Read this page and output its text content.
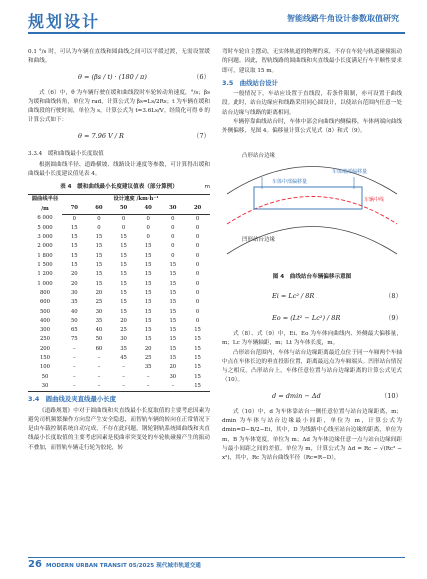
规划设计	智能线路牛角设计参数取值研究

0.1 °/s 时，可认为车辆在直线和圆曲线之间可以平缓过渡，无需设置缓和曲线。

θ = (βs / t) · (180 / π)	（6）

式（6）中，θ 为车辆行驶在缓和曲线段时车轮转动角速度，°/s；βs 为缓和曲线转角，单位为 rad，计算公式为 βs=Ls/2Rs；t 为车辆在缓和曲线段的行驶时间，单位为 s，计算公式为 t=3.6Ls/V。经简化可得 θ 的计算公式如下：

θ = 7.96 V / R	（7）
3.3.4　缓和曲线最小长度取值

根据圆曲线半径、道路横坡、线路设计速度等参数，可计算得出缓和曲线最小长度建议值见表 4。

表 4　缓和曲线最小长度建议值表（部分算例）	m
圆曲线半径 /m	设计速度 /km·h⁻¹					
	70	60	50	40	30	20
6 000	0	0	0	0	0	0
5 000	15	0	0	0	0	0
3 000	15	15	15	0	0	0
2 000	15	15	15	15	0	0
1 800	15	15	15	15	0	0
1 500	15	15	15	15	15	0
1 200	20	15	15	15	15	0
1 000	20	15	15	15	15	0
800	30	20	15	15	15	0
600	35	25	15	15	15	0
500	40	30	15	15	15	0
400	50	35	20	15	15	0
300	65	40	25	15	15	15
250	75	50	30	15	15	15
200	–	60	35	20	15	15
150	–	–	45	25	15	15
100	–	–	–	35	20	15
50	–	–	–	–	30	15
30	–	–	–	–	–	15
3.4　圆曲线及夹直线最小长度

《道路规划》中对于圆曲线和夹直线最小长度取值的主要考虑因素为避免司机频繁操作方向盘产生安全隐患，而智轨车辆的转向在正常情况下是由车载控制系统自动完成，不存在此问题。钢轮钢轨系统圆曲线和夹直线最小长度取值的主要考虑因素是使曲率突变处的车轮轨碰撞产生的振动不叠加，而智轨车辆走行轮为胶轮，转

弯时车轮自主摆动，无实体轨道的物理约束，不存在车轮与轨道碰撞振动的问题。因此，智轨线路的圆曲线和夹直线最小长度满足行车平顺性要求即可，建议取 15 m。

3.5　曲线站台设计

一般情况下，车站应设置于直线段，若条件限制，亦可设置于曲线段。此时，站台边缘应和线路采用同心圆设计，以使站台范围内任意一处站台边缘与线路的距离相同。

车辆停靠曲线站台时，车体中部会向曲线内侧偏移，车体两端向曲线外侧偏移，见图 4。偏移量计算公式见式（8）和式（9）。

凸形站台边缘
车体中部偏移量
车辆中线
车体端部偏移量
凹形站台边缘
图 4　曲线站台车辆偏移示意图
Ei = Lc² / 8R	（8）
Eo = (Lt² − Lc²) / 8R	（9）

式（8）、式（9）中，Ei、Eo 为车体向曲线内、外侧最大偏移量，m；Lc 为车辆轴距，m；Lt 为车体长度，m。

凸形站台范围内，车体与站台边缘距离最近点位于同一车厢两个车轴中点在车体长边的垂直投影位置，距离最远点为车厢端头。凹形站台情况与之相反。凸形站台上，车体任意位置与站台边缘距离的计算公式见式（10）。

d = dmin − Δd	（10）

式（10）中，d 为车体靠站台一侧任意位置与站台边缘距离，m；dmin 为车体与站台边缘最小间距，单位为 m，计算公式为 dmin=D−B/2−Ei，其中，D 为线路中心线至站台边缘的距离，单位为 m，B 为车体宽度，单位为 m；Δd 为车体边缘任意一点与站台边缘间距与最小间距之间的差值，单位为 m，计算公式为 Δd = Rc − √(Rc² − x²)，其中，Rc 为站台曲线半径（Rc=R−D），

26 MODERN URBAN TRANSIT 05/2025 现代城市轨道交通
